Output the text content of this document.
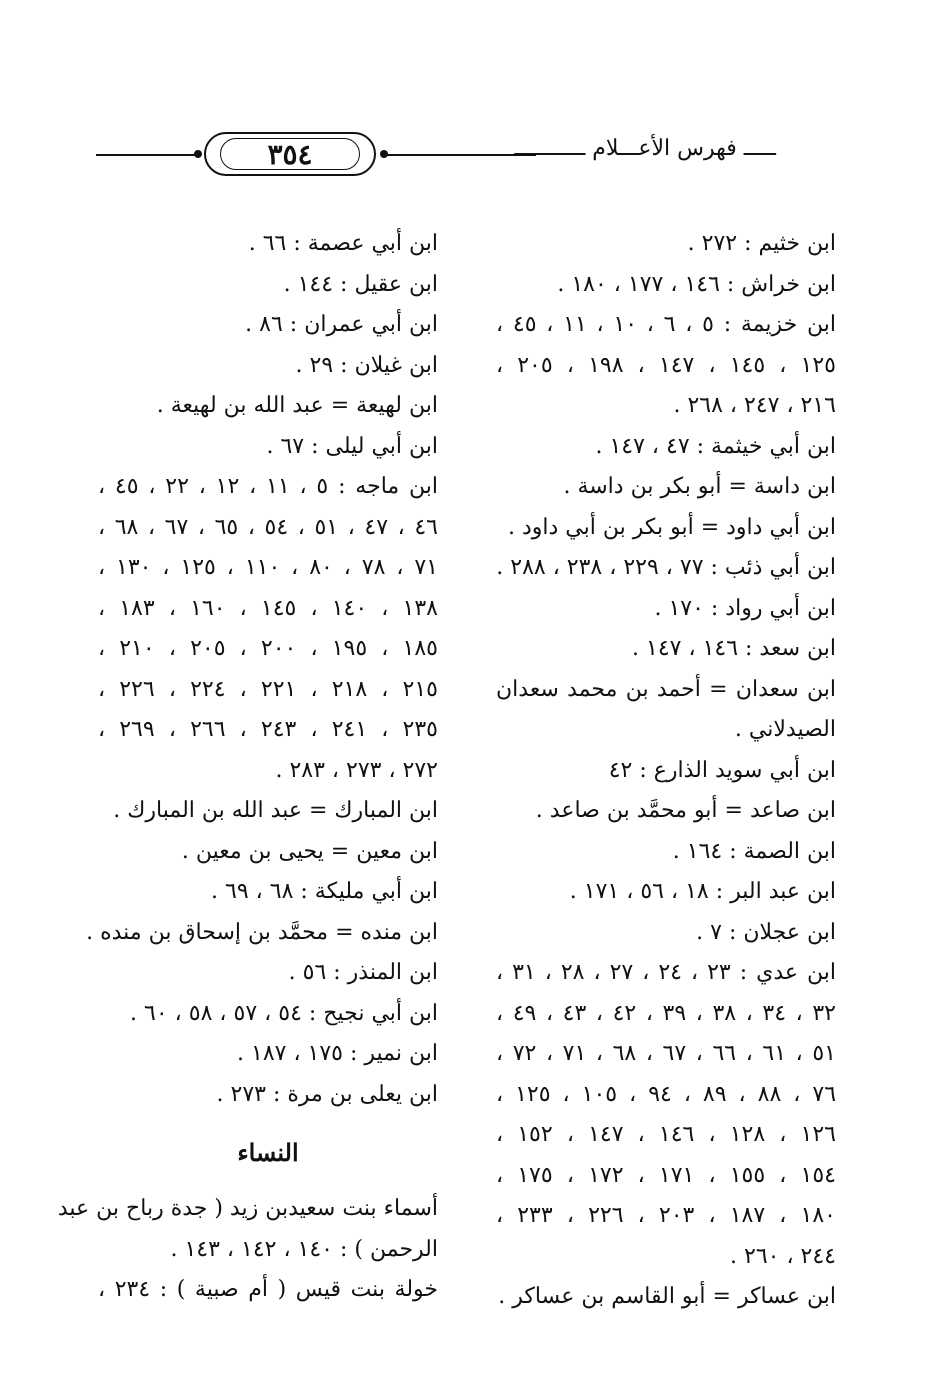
٣٥٤	ـــــ فهرس الأعـــلام ـــــــــــ
ابن خثيم : ٢٧٢ .
ابن خراش : ١٤٦ ، ١٧٧ ، ١٨٠ .
ابن خزيمة : ٥ ، ٦ ، ١٠ ، ١١ ، ٤٥ ،
١٢٥ ، ١٤٥ ، ١٤٧ ، ١٩٨ ، ٢٠٥ ،
٢١٦ ، ٢٤٧ ، ٢٦٨ .
ابن أبي خيثمة : ٤٧ ، ١٤٧ .
ابن داسة = أبو بكر بن داسة .
ابن أبي داود = أبو بكر بن أبي داود .
ابن أبي ذئب : ٧٧ ، ٢٢٩ ، ٢٣٨ ، ٢٨٨ .
ابن أبي رواد : ١٧٠ .
ابن سعد : ١٤٦ ، ١٤٧ .
ابن سعدان = أحمد بن محمد سعدان
الصيدلاني .
ابن أبي سويد الذارع : ٤٢
ابن صاعد = أبو محمَّد بن صاعد .
ابن الصمة : ١٦٤ .
ابن عبد البر : ١٨ ، ٥٦ ، ١٧١ .
ابن عجلان : ٧ .
ابن عدي : ٢٣ ، ٢٤ ، ٢٧ ، ٢٨ ، ٣١ ،
٣٢ ، ٣٤ ، ٣٨ ، ٣٩ ، ٤٢ ، ٤٣ ، ٤٩ ،
٥١ ، ٦١ ، ٦٦ ، ٦٧ ، ٦٨ ، ٧١ ، ٧٢ ،
٧٦ ، ٨٨ ، ٨٩ ، ٩٤ ، ١٠٥ ، ١٢٥ ،
١٢٦ ، ١٢٨ ، ١٤٦ ، ١٤٧ ، ١٥٢ ،
١٥٤ ، ١٥٥ ، ١٧١ ، ١٧٢ ، ١٧٥ ،
١٨٠ ، ١٨٧ ، ٢٠٣ ، ٢٢٦ ، ٢٣٣ ،
٢٤٤ ، ٢٦٠ .
ابن عساكر = أبو القاسم بن عساكر .
ابن أبي عصمة : ٦٦ .
ابن عقيل : ١٤٤ .
ابن أبي عمران : ٨٦ .
ابن غيلان : ٢٩ .
ابن لهيعة = عبد الله بن لهيعة .
ابن أبي ليلى : ٦٧ .
ابن ماجه : ٥ ، ١١ ، ١٢ ، ٢٢ ، ٤٥ ،
٤٦ ، ٤٧ ، ٥١ ، ٥٤ ، ٦٥ ، ٦٧ ، ٦٨ ،
٧١ ، ٧٨ ، ٨٠ ، ١١٠ ، ١٢٥ ، ١٣٠ ،
١٣٨ ، ١٤٠ ، ١٤٥ ، ١٦٠ ، ١٨٣ ،
١٨٥ ، ١٩٥ ، ٢٠٠ ، ٢٠٥ ، ٢١٠ ،
٢١٥ ، ٢١٨ ، ٢٢١ ، ٢٢٤ ، ٢٢٦ ،
٢٣٥ ، ٢٤١ ، ٢٤٣ ، ٢٦٦ ، ٢٦٩ ،
٢٧٢ ، ٢٧٣ ، ٢٨٣ .
ابن المبارك = عبد الله بن المبارك .
ابن معين = يحيى بن معين .
ابن أبي مليكة : ٦٨ ، ٦٩ .
ابن منده = محمَّد بن إسحاق بن منده .
ابن المنذر : ٥٦ .
ابن أبي نجيح : ٥٤ ، ٥٧ ، ٥٨ ، ٦٠ .
ابن نمير : ١٧٥ ، ١٨٧ .
ابن يعلى بن مرة : ٢٧٣ .
النساء
أسماء بنت سعيدبن زيد ( جدة رباح بن عبد
الرحمن ) : ١٤٠ ، ١٤٢ ، ١٤٣ .
خولة بنت قيس ( أم صبية ) : ٢٣٤ ،
